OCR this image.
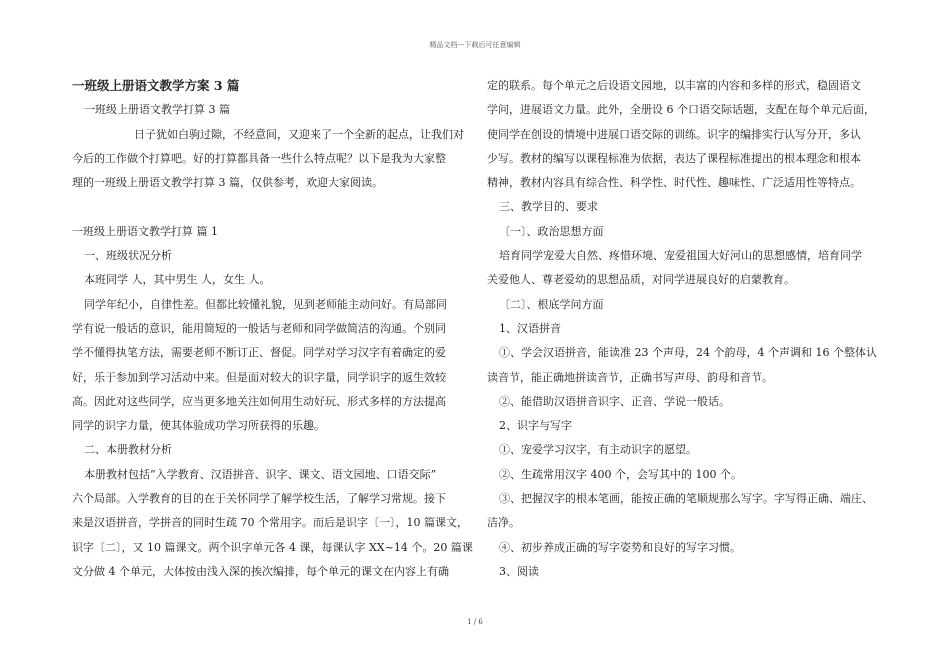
精品文档---下载后可任意编辑
一班级上册语文教学方案 3 篇
一班级上册语文教学打算 3 篇
日子犹如白驹过隙，不经意间，又迎来了一个全新的起点，让我们对
今后的工作做个打算吧。好的打算都具备一些什么特点呢？以下是我为大家整
理的一班级上册语文教学打算 3 篇，仅供参考，欢迎大家阅读。
一班级上册语文教学打算 篇 1
一、班级状况分析
本班同学 人，其中男生 人，女生 人。
同学年纪小，自律性差。但都比较懂礼貌，见到老师能主动问好。有局部同
学有说一般话的意识，能用简短的一般话与老师和同学做简洁的沟通。个别同
学不懂得执笔方法，需要老师不断订正、督促。同学对学习汉字有着确定的爱
好，乐于参加到学习活动中来。但是面对较大的识字量，同学识字的返生效较
高。因此对这些同学，应当更多地关注如何用生动好玩、形式多样的方法提高
同学的识字力量，使其体验成功学习所获得的乐趣。
二、本册教材分析
本册教材包括“入学教育、汉语拼音、识字、课文、语文园地、口语交际”
六个局部。入学教育的目的在于关怀同学了解学校生活，了解学习常规。接下
来是汉语拼音，学拼音的同时生疏 70 个常用字。而后是识字〔一〕，10 篇课文，
识字〔二〕，又 10 篇课文。两个识字单元各 4 课，每课认字 XX~14 个。20 篇课
文分做 4 个单元，大体按由浅入深的挨次编排，每个单元的课文在内容上有确
定的联系。每个单元之后设语文园地，以丰富的内容和多样的形式，稳固语文
学问，进展语文力量。此外，全册设 6 个口语交际话题，支配在每个单元后面，
使同学在创设的情境中进展口语交际的训练。识字的编排实行认写分开，多认
少写。教材的编写以课程标准为依据，表达了课程标准提出的根本理念和根本
精神，教材内容具有综合性、科学性、时代性、趣味性、广泛适用性等特点。
三、教学目的、要求
〔一〕、政治思想方面
培育同学宠爱大自然、疼惜环境、宠爱祖国大好河山的思想感情，培育同学
关爱他人、尊老爱幼的思想品质，对同学进展良好的启蒙教育。
〔二〕、根底学问方面
1、汉语拼音
①、学会汉语拼音，能读准 23 个声母，24 个韵母，4 个声调和 16 个整体认
读音节，能正确地拼读音节，正确书写声母、韵母和音节。
②、能借助汉语拼音识字、正音、学说一般话。
2、识字与写字
①、宠爱学习汉字，有主动识字的愿望。
②、生疏常用汉字 400 个，会写其中的 100 个。
③、把握汉字的根本笔画，能按正确的笔顺规那么写字。字写得正确、端庄、
洁净。
④、初步养成正确的写字姿势和良好的写字习惯。
3、阅读
1 / 6
